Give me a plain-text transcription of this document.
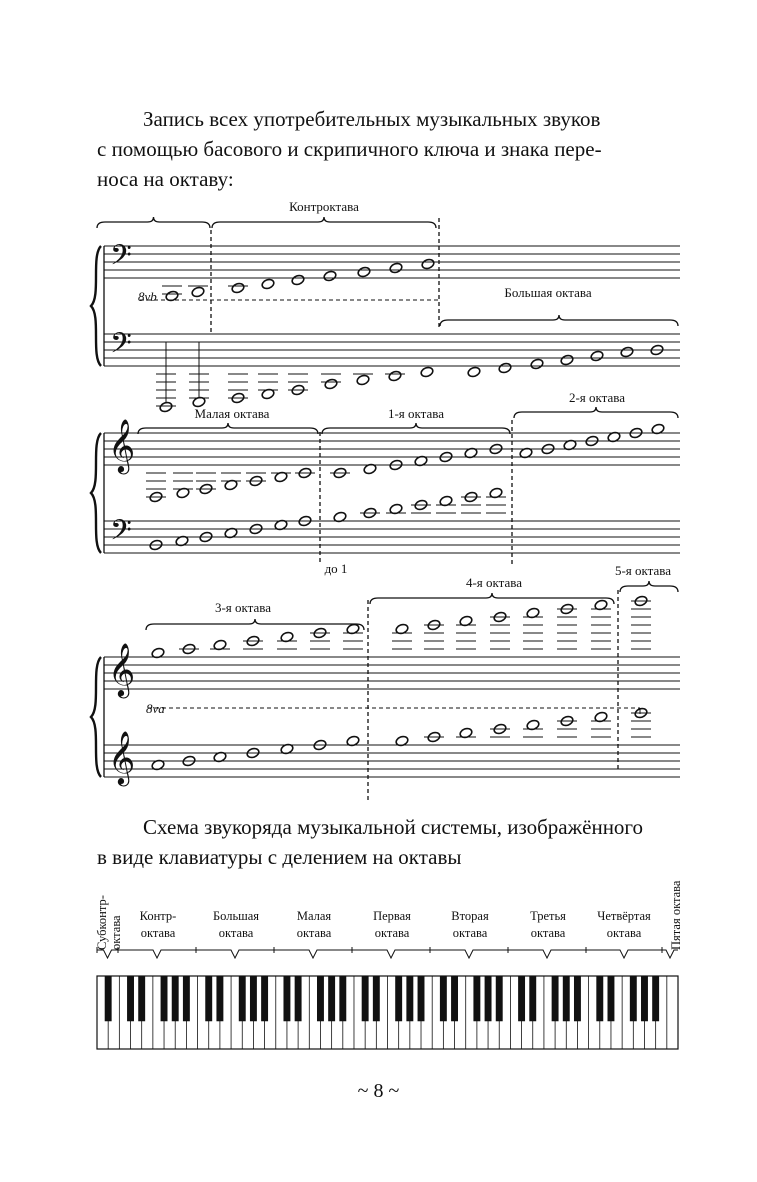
Запись всех употребительных музыкальных звуков
с помощью басового и скрипичного ключа и знака пере-
носа на октаву:

𝄢
𝄢
𝄞
𝄢
𝄞
𝄞
Контроктава
Большая октава
8vb
Малая октава	1-я октава
2-я октава
до 1
3-я октава
4-я октава
5-я октава
8va
Субконтр- октава Контр-
октава
Большая
октава
Малая
октава
Первая
октава
Вторая
октава
Третья
октава
Четвёртая
октава Пятая октава

Схема звукоряда музыкальной системы, изображённого
в виде клавиатуры с делением на октавы

~ 8 ~
